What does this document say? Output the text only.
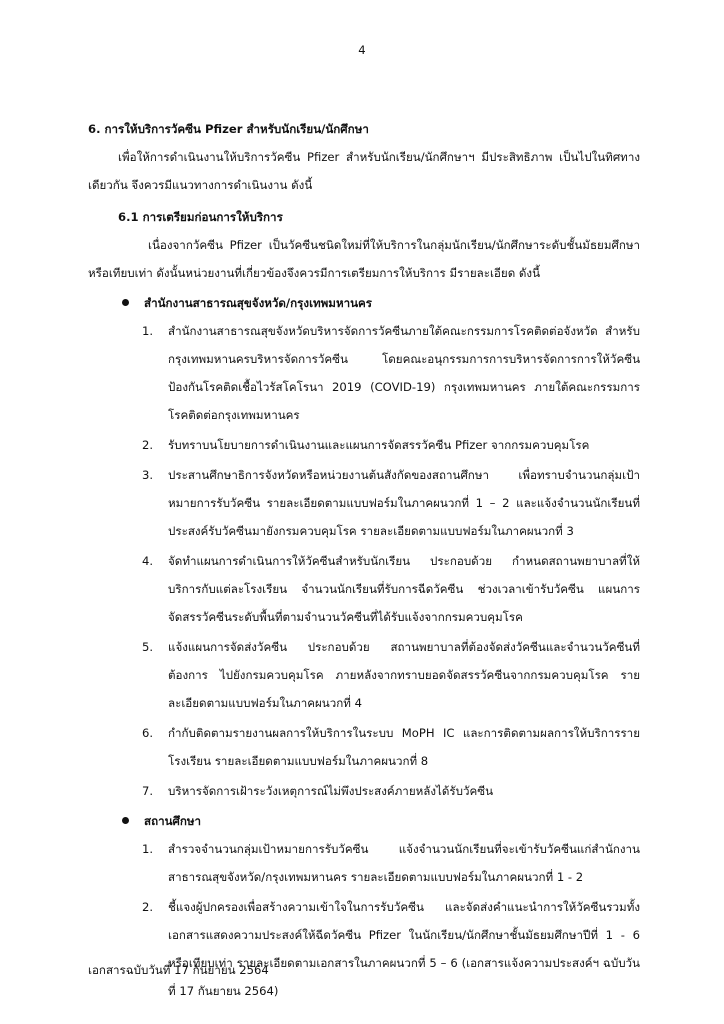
4

6. การให้บริการวัคซีน Pfizer สำหรับนักเรียน/นักศึกษา

เพื่อให้การดำเนินงานให้บริการวัคซีน Pfizer สำหรับนักเรียน/นักศึกษาฯ มีประสิทธิภาพ เป็นไปในทิศทางเดียวกัน จึงควรมีแนวทางการดำเนินงาน ดังนี้

6.1 การเตรียมก่อนการให้บริการ

เนื่องจากวัคซีน Pfizer เป็นวัคซีนชนิดใหม่ที่ให้บริการในกลุ่มนักเรียน/นักศึกษาระดับชั้นมัธยมศึกษา หรือเทียบเท่า ดังนั้นหน่วยงานที่เกี่ยวข้องจึงควรมีการเตรียมการให้บริการ มีรายละเอียด ดังนี้

สำนักงานสาธารณสุขจังหวัด/กรุงเทพมหานคร

1. สำนักงานสาธารณสุขจังหวัดบริหารจัดการวัคซีนภายใต้คณะกรรมการโรคติดต่อจังหวัด สำหรับกรุงเทพมหานครบริหารจัดการวัคซีน โดยคณะอนุกรรมการการบริหารจัดการการให้วัคซีนป้องกันโรคติดเชื้อไวรัสโคโรนา 2019 (COVID-19) กรุงเทพมหานคร ภายใต้คณะกรรมการโรคติดต่อกรุงเทพมหานคร
2. รับทราบนโยบายการดำเนินงานและแผนการจัดสรรวัคซีน Pfizer จากกรมควบคุมโรค
3. ประสานศึกษาธิการจังหวัดหรือหน่วยงานต้นสังกัดของสถานศึกษา เพื่อทราบจำนวนกลุ่มเป้าหมายการรับวัคซีน รายละเอียดตามแบบฟอร์มในภาคผนวกที่ 1 – 2 และแจ้งจำนวนนักเรียนที่ประสงค์รับวัคซีนมายังกรมควบคุมโรค รายละเอียดตามแบบฟอร์มในภาคผนวกที่ 3
4. จัดทำแผนการดำเนินการให้วัคซีนสำหรับนักเรียน ประกอบด้วย กำหนดสถานพยาบาลที่ให้บริการกับแต่ละโรงเรียน จำนวนนักเรียนที่รับการฉีดวัคซีน ช่วงเวลาเข้ารับวัคซีน แผนการจัดสรรวัคซีนระดับพื้นที่ตามจำนวนวัคซีนที่ได้รับแจ้งจากกรมควบคุมโรค
5. แจ้งแผนการจัดส่งวัคซีน ประกอบด้วย สถานพยาบาลที่ต้องจัดส่งวัคซีนและจำนวนวัคซีนที่ต้องการ ไปยังกรมควบคุมโรค ภายหลังจากทราบยอดจัดสรรวัคซีนจากกรมควบคุมโรค รายละเอียดตามแบบฟอร์มในภาคผนวกที่ 4
6. กำกับติดตามรายงานผลการให้บริการในระบบ MoPH IC และการติดตามผลการให้บริการรายโรงเรียน รายละเอียดตามแบบฟอร์มในภาคผนวกที่ 8
7. บริหารจัดการเฝ้าระวังเหตุการณ์ไม่พึงประสงค์ภายหลังได้รับวัคซีน

สถานศึกษา

1. สำรวจจำนวนกลุ่มเป้าหมายการรับวัคซีน แจ้งจำนวนนักเรียนที่จะเข้ารับวัคซีนแก่สำนักงานสาธารณสุขจังหวัด/กรุงเทพมหานคร รายละเอียดตามแบบฟอร์มในภาคผนวกที่ 1 - 2
2. ชี้แจงผู้ปกครองเพื่อสร้างความเข้าใจในการรับวัคซีน และจัดส่งคำแนะนำการให้วัคซีนรวมทั้งเอกสารแสดงความประสงค์ให้ฉีดวัคซีน Pfizer ในนักเรียน/นักศึกษาชั้นมัธยมศึกษาปีที่ 1 - 6 หรือเทียบเท่า รายละเอียดตามเอกสารในภาคผนวกที่ 5 – 6 (เอกสารแจ้งความประสงค์ฯ ฉบับวันที่ 17 กันยายน 2564)
เอกสารฉบับวันที่ 17 กันยายน 2564
